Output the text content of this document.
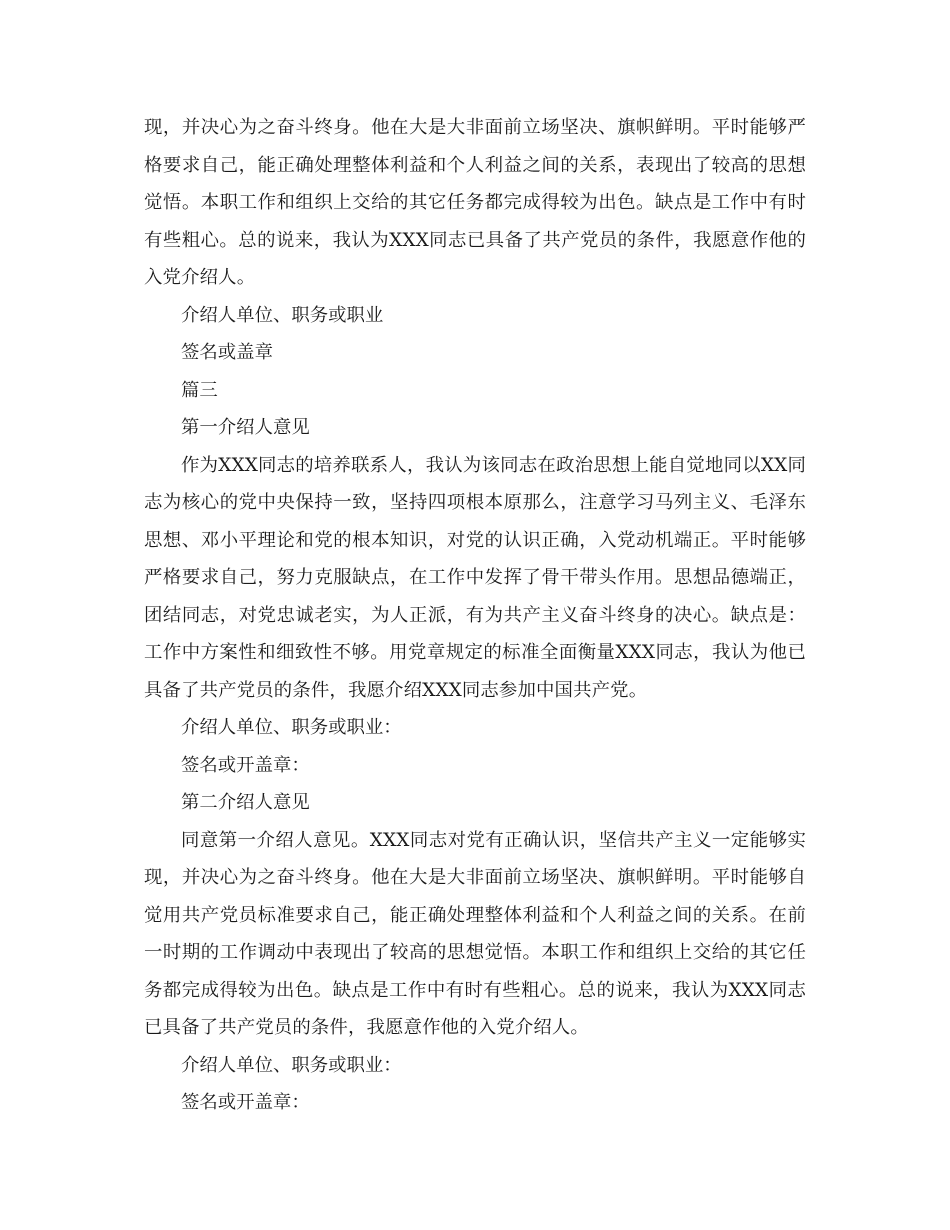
现，并决心为之奋斗终身。他在大是大非面前立场坚决、旗帜鲜明。平时能够严格要求自己，能正确处理整体利益和个人利益之间的关系，表现出了较高的思想觉悟。本职工作和组织上交给的其它任务都完成得较为出色。缺点是工作中有时有些粗心。总的说来，我认为XXX同志已具备了共产党员的条件，我愿意作他的入党介绍人。

介绍人单位、职务或职业

签名或盖章

篇三

第一介绍人意见

作为XXX同志的培养联系人，我认为该同志在政治思想上能自觉地同以XX同志为核心的党中央保持一致，坚持四项根本原那么，注意学习马列主义、毛泽东思想、邓小平理论和党的根本知识，对党的认识正确，入党动机端正。平时能够严格要求自己，努力克服缺点，在工作中发挥了骨干带头作用。思想品德端正，团结同志，对党忠诚老实，为人正派，有为共产主义奋斗终身的决心。缺点是：工作中方案性和细致性不够。用党章规定的标准全面衡量XXX同志，我认为他已具备了共产党员的条件，我愿介绍XXX同志参加中国共产党。

介绍人单位、职务或职业：

签名或开盖章：

第二介绍人意见

同意第一介绍人意见。XXX同志对党有正确认识，坚信共产主义一定能够实现，并决心为之奋斗终身。他在大是大非面前立场坚决、旗帜鲜明。平时能够自觉用共产党员标准要求自己，能正确处理整体利益和个人利益之间的关系。在前一时期的工作调动中表现出了较高的思想觉悟。本职工作和组织上交给的其它任务都完成得较为出色。缺点是工作中有时有些粗心。总的说来，我认为XXX同志已具备了共产党员的条件，我愿意作他的入党介绍人。

介绍人单位、职务或职业：

签名或开盖章：
